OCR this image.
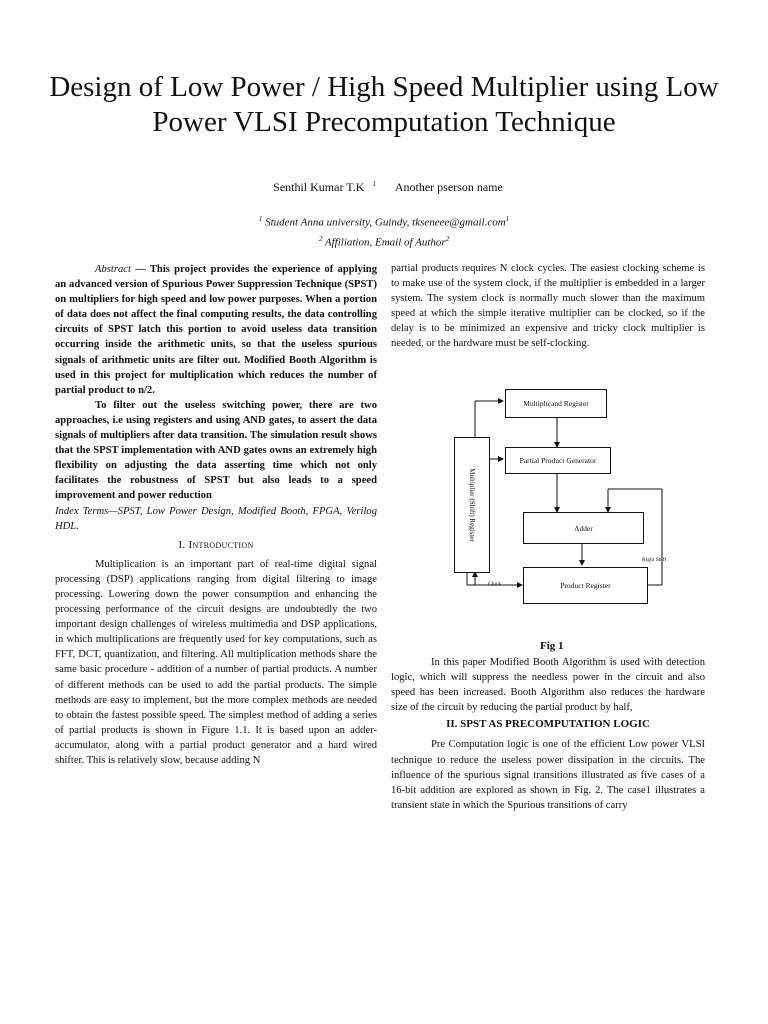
Design of Low Power / High Speed Multiplier using Low Power VLSI Precomputation Technique
Senthil Kumar T.K $^1$ Another pserson name
$^1$ Student Anna university, Guindy, tkseneee@gmail.com$^1$
$^2$ Affiliation, Email of Author$^2$

Abstract — This project provides the experience of applying an advanced version of Spurious Power Suppression Technique (SPST) on multipliers for high speed and low power purposes. When a portion of data does not affect the final computing results, the data controlling circuits of SPST latch this portion to avoid useless data transition occurring inside the arithmetic units, so that the useless spurious signals of arithmetic units are filter out. Modified Booth Algorithm is used in this project for multiplication which reduces the number of partial product to n/2.

To filter out the useless switching power, there are two approaches, i.e using registers and using AND gates, to assert the data signals of multipliers after data transition. The simulation result shows that the SPST implementation with AND gates owns an extremely high flexibility on adjusting the data asserting time which not only facilitates the robustness of SPST but also leads to a speed improvement and power reduction

Index Terms—SPST, Low Power Design, Modified Booth, FPGA, Verilog HDL.

I. Introduction

Multiplication is an important part of real-time digital signal processing (DSP) applications ranging from digital filtering to image processing. Lowering down the power consumption and enhancing the processing performance of the circuit designs are undoubtedly the two important design challenges of wireless multimedia and DSP applications, in which multiplications are frequently used for key computations, such as FFT, DCT, quantization, and filtering. All multiplication methods share the same basic procedure - addition of a number of partial products. A number of different methods can be used to add the partial products. The simple methods are easy to implement, but the more complex methods are needed to obtain the fastest possible speed. The simplest method of adding a series of partial products is shown in Figure 1.1. It is based upon an adder-accumulator, along with a partial product generator and a hard wired shifter. This is relatively slow, because adding N

partial products requires N clock cycles. The easiest clocking scheme is to make use of the system clock, if the multiplier is embedded in a larger system. The system clock is normally much slower than the maximum speed at which the simple iterative multiplier can be clocked, so if the delay is to be minimized an expensive and tricky clock multiplier is needed, or the hardware must be self-clocking.

Multiplicand Register
Partial Product Generator
Adder
Product Register
Multiplier (Shift) Register
Clock
Right Shift
Fig 1

In this paper Modified Booth Algorithm is used with detection logic, which will suppress the needless power in the circuit and also speed has been increased. Booth Algorithm also reduces the hardware size of the circuit by reducing the partial product by half,

II. SPST AS PRECOMPUTATION LOGIC

Pre Computation logic is one of the efficient Low power VLSI technique to reduce the useless power dissipation in the circuits. The influence of the spurious signal transitions illustrated as five cases of a 16-bit addition are explored as shown in Fig. 2. The case1 illustrates a transient state in which the Spurious transitions of carry
